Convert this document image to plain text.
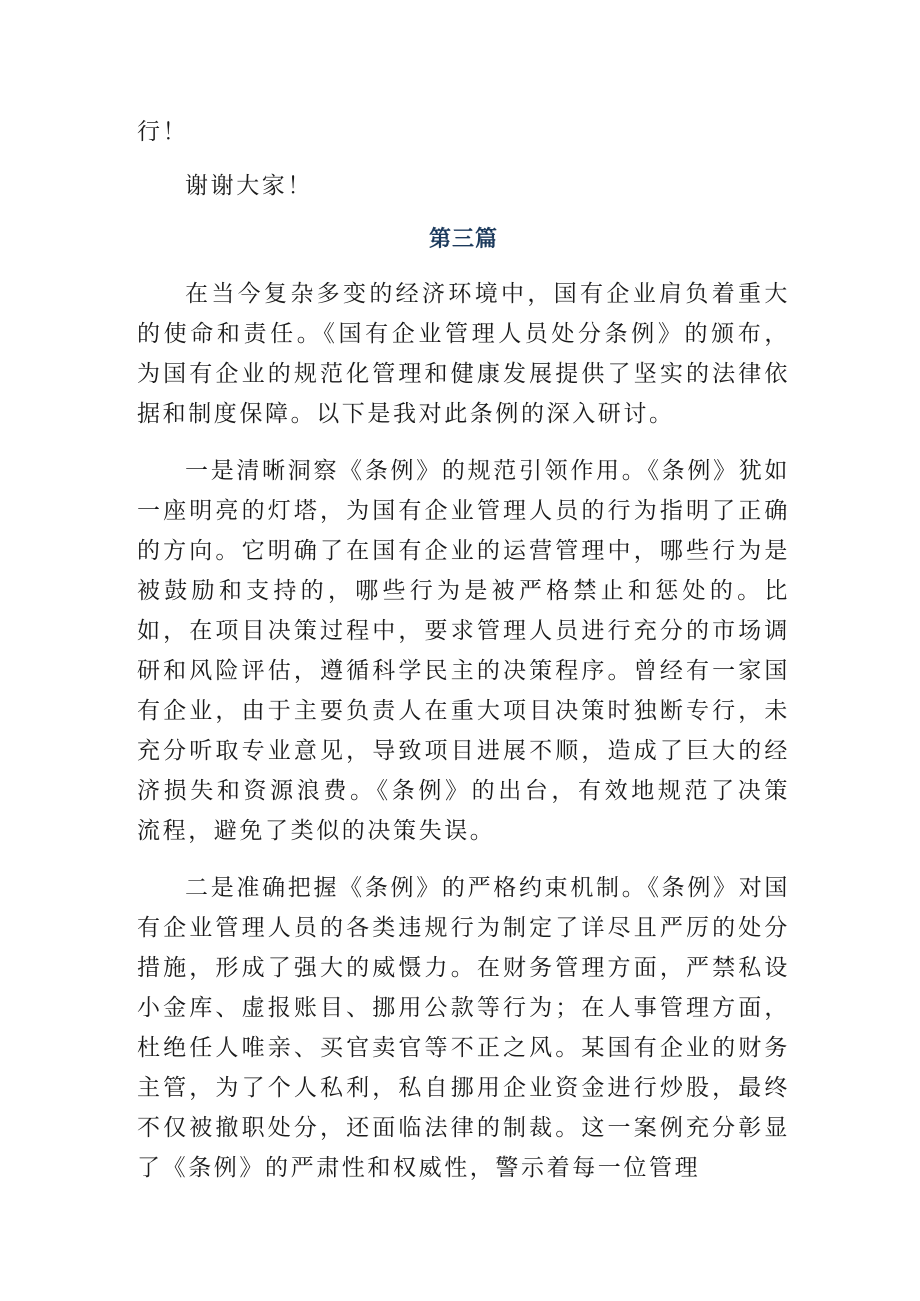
行！

谢谢大家！

第三篇

在当今复杂多变的经济环境中，国有企业肩负着重大的使命和责任。《国有企业管理人员处分条例》的颁布，为国有企业的规范化管理和健康发展提供了坚实的法律依据和制度保障。以下是我对此条例的深入研讨。

一是清晰洞察《条例》的规范引领作用。《条例》犹如一座明亮的灯塔，为国有企业管理人员的行为指明了正确的方向。它明确了在国有企业的运营管理中，哪些行为是被鼓励和支持的，哪些行为是被严格禁止和惩处的。比如，在项目决策过程中，要求管理人员进行充分的市场调研和风险评估，遵循科学民主的决策程序。曾经有一家国有企业，由于主要负责人在重大项目决策时独断专行，未充分听取专业意见，导致项目进展不顺，造成了巨大的经济损失和资源浪费。《条例》的出台，有效地规范了决策流程，避免了类似的决策失误。

二是准确把握《条例》的严格约束机制。《条例》对国有企业管理人员的各类违规行为制定了详尽且严厉的处分措施，形成了强大的威慑力。在财务管理方面，严禁私设小金库、虚报账目、挪用公款等行为；在人事管理方面，杜绝任人唯亲、买官卖官等不正之风。某国有企业的财务主管，为了个人私利，私自挪用企业资金进行炒股，最终不仅被撤职处分，还面临法律的制裁。这一案例充分彰显了《条例》的严肃性和权威性，警示着每一位管理
